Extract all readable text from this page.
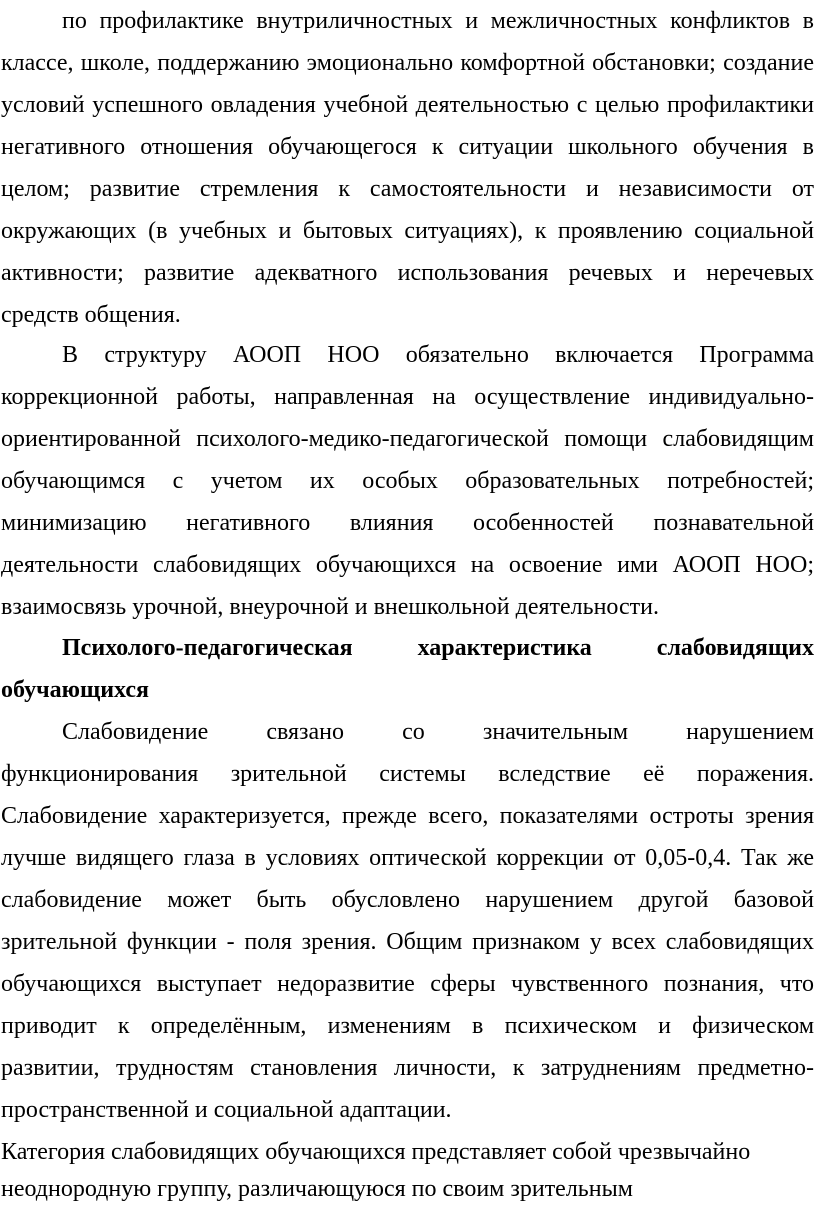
по профилактике внутриличностных и межличностных конфликтов в
классе, школе, поддержанию эмоционально комфортной обстановки; создание
условий успешного овладения учебной деятельностью с целью профилактики
негативного отношения обучающегося к ситуации школьного обучения в
целом; развитие стремления к самостоятельности и независимости от
окружающих (в учебных и бытовых ситуациях), к проявлению социальной
активности; развитие адекватного использования речевых и неречевых
средств общения.
В структуру АООП НОО обязательно включается Программа
коррекционной работы, направленная на осуществление индивидуально-
ориентированной психолого-медико-педагогической помощи слабовидящим
обучающимся с учетом их особых образовательных потребностей;
минимизацию негативного влияния особенностей познавательной
деятельности слабовидящих обучающихся на освоение ими АООП НОО;
взаимосвязь урочной, внеурочной и внешкольной деятельности.
Психолого-педагогическая характеристика слабовидящих
обучающихся
Слабовидение связано со значительным нарушением
функционирования зрительной системы вследствие её поражения.
Слабовидение характеризуется, прежде всего, показателями остроты зрения
лучше видящего глаза в условиях оптической коррекции от 0,05-0,4. Так же
слабовидение может быть обусловлено нарушением другой базовой
зрительной функции - поля зрения. Общим признаком у всех слабовидящих
обучающихся выступает недоразвитие сферы чувственного познания, что
приводит к определённым, изменениям в психическом и физическом
развитии, трудностям становления личности, к затруднениям предметно-
пространственной и социальной адаптации.
Категория слабовидящих обучающихся представляет собой чрезвычайно
неоднородную группу, различающуюся по своим зрительным
